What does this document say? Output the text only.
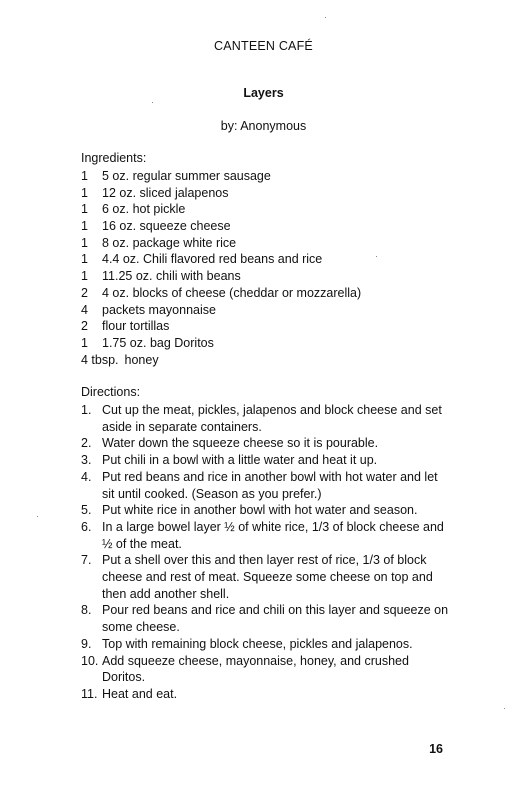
CANTEEN CAFÉ
Layers
by: Anonymous
Ingredients:
1	5 oz. regular summer sausage
1	12 oz. sliced jalapenos
1	6 oz. hot pickle
1	16 oz. squeeze cheese
1	8 oz. package white rice
1	4.4 oz. Chili flavored red beans and rice
1	11.25 oz. chili with beans
2	4 oz. blocks of cheese (cheddar or mozzarella)
4	packets mayonnaise
2	flour tortillas
1	1.75 oz. bag Doritos
4 tbsp. honey
Directions:
1. Cut up the meat, pickles, jalapenos and block cheese and set aside in separate containers.
2. Water down the squeeze cheese so it is pourable.
3. Put chili in a bowl with a little water and heat it up.
4. Put red beans and rice in another bowl with hot water and let sit until cooked. (Season as you prefer.)
5. Put white rice in another bowl with hot water and season.
6. In a large bowel layer ½ of white rice, 1/3 of block cheese and ½ of the meat.
7. Put a shell over this and then layer rest of rice, 1/3 of block cheese and rest of meat. Squeeze some cheese on top and then add another shell.
8. Pour red beans and rice and chili on this layer and squeeze on some cheese.
9. Top with remaining block cheese, pickles and jalapenos.
10. Add squeeze cheese, mayonnaise, honey, and crushed Doritos.
11. Heat and eat.
16
